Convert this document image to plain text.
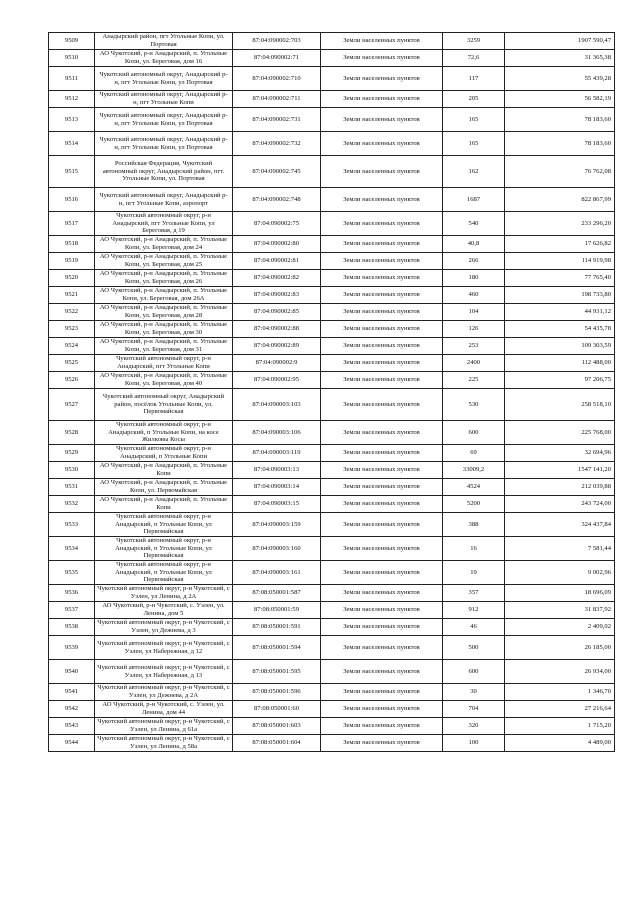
9509	Анадырский район, пгт Угольные Копи, ул. Портовая	87:04:090002:703	Земли населенных пунктов	3259	1907 590,47
9510	АО Чукотский, р-н Анадырский, п. Угольные Копи, ул. Береговая, дом 16	87:04:090002:71	Земли населенных пунктов	72,6	31 365,38
9511	Чукотский автономный округ, Анадырский р-н, пгт Угольные Копи, ул Портовая	87:04:090002:710	Земли населенных пунктов	117	55 439,28
9512	Чукотский автономный округ, Анадырский р-н, пгт Угольные Копи	87:04:090002:711	Земли населенных пунктов	205	56 582,19
9513	Чукотский автономный округ, Анадырский р-н, пгт Угольные Копи, ул Портовая	87:04:090002:731	Земли населенных пунктов	165	78 183,60
9514	Чукотский автономный округ, Анадырский р-н, пгт Угольные Копи, ул Портовая	87:04:090002:732	Земли населенных пунктов	165	78 183,60
9515	Российская Федерация, Чукотский автономный округ, Анадырский район, пгт. Угольные Копи, ул. Портовая	87:04:090002:745	Земли населенных пунктов	162	76 762,08
9516	Чукотский автономный округ, Анадырский р-н, пгт Угольные Копи, аэропорт	87:04:090002:748	Земли населенных пунктов	1687	822 867,99
9517	Чукотский автономный округ, р-н Анадырский, пгт Угольные Копи, ул Береговая, д 19	87:04:090002:75	Земли населенных пунктов	540	233 296,20
9518	АО Чукотский, р-н Анадырский, п. Угольные Копи, ул. Береговая, дом 24	87:04:090002:80	Земли населенных пунктов	40,8	17 626,82
9519	АО Чукотский, р-н Анадырский, п. Угольные Копи, ул. Береговая, дом 25	87:04:090002:81	Земли населенных пунктов	266	114 919,98
9520	АО Чукотский, р-н Анадырский, п. Угольные Копи, ул. Береговая, дом 26	87:04:090002:82	Земли населенных пунктов	180	77 765,40
9521	АО Чукотский, р-н Анадырский, п. Угольные Копи, ул. Береговая, дом 26А	87:04:090002:83	Земли населенных пунктов	460	198 733,80
9522	АО Чукотский, р-н Анадырский, п. Угольные Копи, ул. Береговая, дом 28	87:04:090002:85	Земли населенных пунктов	104	44 931,12
9523	АО Чукотский, р-н Анадырский, п. Угольные Копи, ул. Береговая, дом 30	87:04:090002:88	Земли населенных пунктов	126	54 435,78
9524	АО Чукотский, р-н Анадырский, п. Угольные Копи, ул. Береговая, дом 31	87:04:090002:89	Земли населенных пунктов	253	109 303,59
9525	Чукотский автономный округ, р-н Анадырский, пгт Угольные Копи	87:04:090002:9	Земли населенных пунктов	2400	112 488,00
9526	АО Чукотский, р-н Анадырский, п. Угольные Копи, ул. Береговая, дом 40	87:04:090002:95	Земли населенных пунктов	225	97 206,75
9527	Чукотский автономный округ, Анадырский район, посёлок Угольные Копи, ул. Первомайская	87:04:090003:103	Земли населенных пунктов	530	258 518,10
9528	Чукотский автономный округ, р-н Анадырский, п Угольные Копи, на косе Жилковы Косы	87:04:090003:106	Земли населенных пунктов	600	225 768,00
9529	Чукотский автономный округ, р-н Анадырский, п Угольные Копи	87:04:090003:119	Земли населенных пунктов	69	32 694,96
9530	АО Чукотский, р-н Анадырский, п. Угольные Копи	87:04:090003:13	Земли населенных пунктов	33009,2	1547 141,20
9531	АО Чукотский, р-н Анадырский, п. Угольные Копи, ул. Первомайская	87:04:090003:14	Земли населенных пунктов	4524	212 039,88
9532	АО Чукотский, р-н Анадырский, п. Угольные Копи	87:04:090003:15	Земли населенных пунктов	5200	243 724,00
9533	Чукотский автономный округ, р-н Анадырский, п Угольные Копи, ул Первомайская	87:04:090003:159	Земли населенных пунктов	388	324 437,84
9534	Чукотский автономный округ, р-н Анадырский, п Угольные Копи, ул Первомайская	87:04:090003:160	Земли населенных пунктов	16	7 581,44
9535	Чукотский автономный округ, р-н Анадырский, п Угольные Копи, ул Первомайская	87:04:090003:161	Земли населенных пунктов	19	9 002,96
9536	Чукотский автономный округ, р-н Чукотский, с Уэлен, ул Ленина, д 2А	87:08:050001:587	Земли населенных пунктов	357	18 696,09
9537	АО Чукотский, р-н Чукотский, с. Уэлен, ул. Ленина, дом 5	87:08:050001:59	Земли населенных пунктов	912	31 837,92
9538	Чукотский автономный округ, р-н Чукотский, с Уэлен, ул Дежнева, д 3	87:08:050001:591	Земли населенных пунктов	46	2 409,02
9539	Чукотский автономный округ, р-н Чукотский, с Уэлен, ул Набережная, д 12	87:08:050001:594	Земли населенных пунктов	500	26 185,00
9540	Чукотский автономный округ, р-н Чукотский, с Уэлен, ул Набережная, д 13	87:08:050001:595	Земли населенных пунктов	600	26 934,00
9541	Чукотский автономный округ, р-н Чукотский, с Уэлен, ул Дежнева, д 2А	87:08:050001:596	Земли населенных пунктов	30	1 346,70
9542	АО Чукотский, р-н Чукотский, с. Уэлен, ул. Ленина, дом 44	87:08:050001:60	Земли населенных пунктов	704	27 216,64
9543	Чукотский автономный округ, р-н Чукотский, с Уэлен, ул Ленина, д 61а	87:08:050001:603	Земли населенных пунктов	320	1 715,20
9544	Чукотский автономный округ, р-н Чукотский, с Уэлен, ул Ленина, д 58а	87:08:050001:604	Земли населенных пунктов	100	4 489,00
